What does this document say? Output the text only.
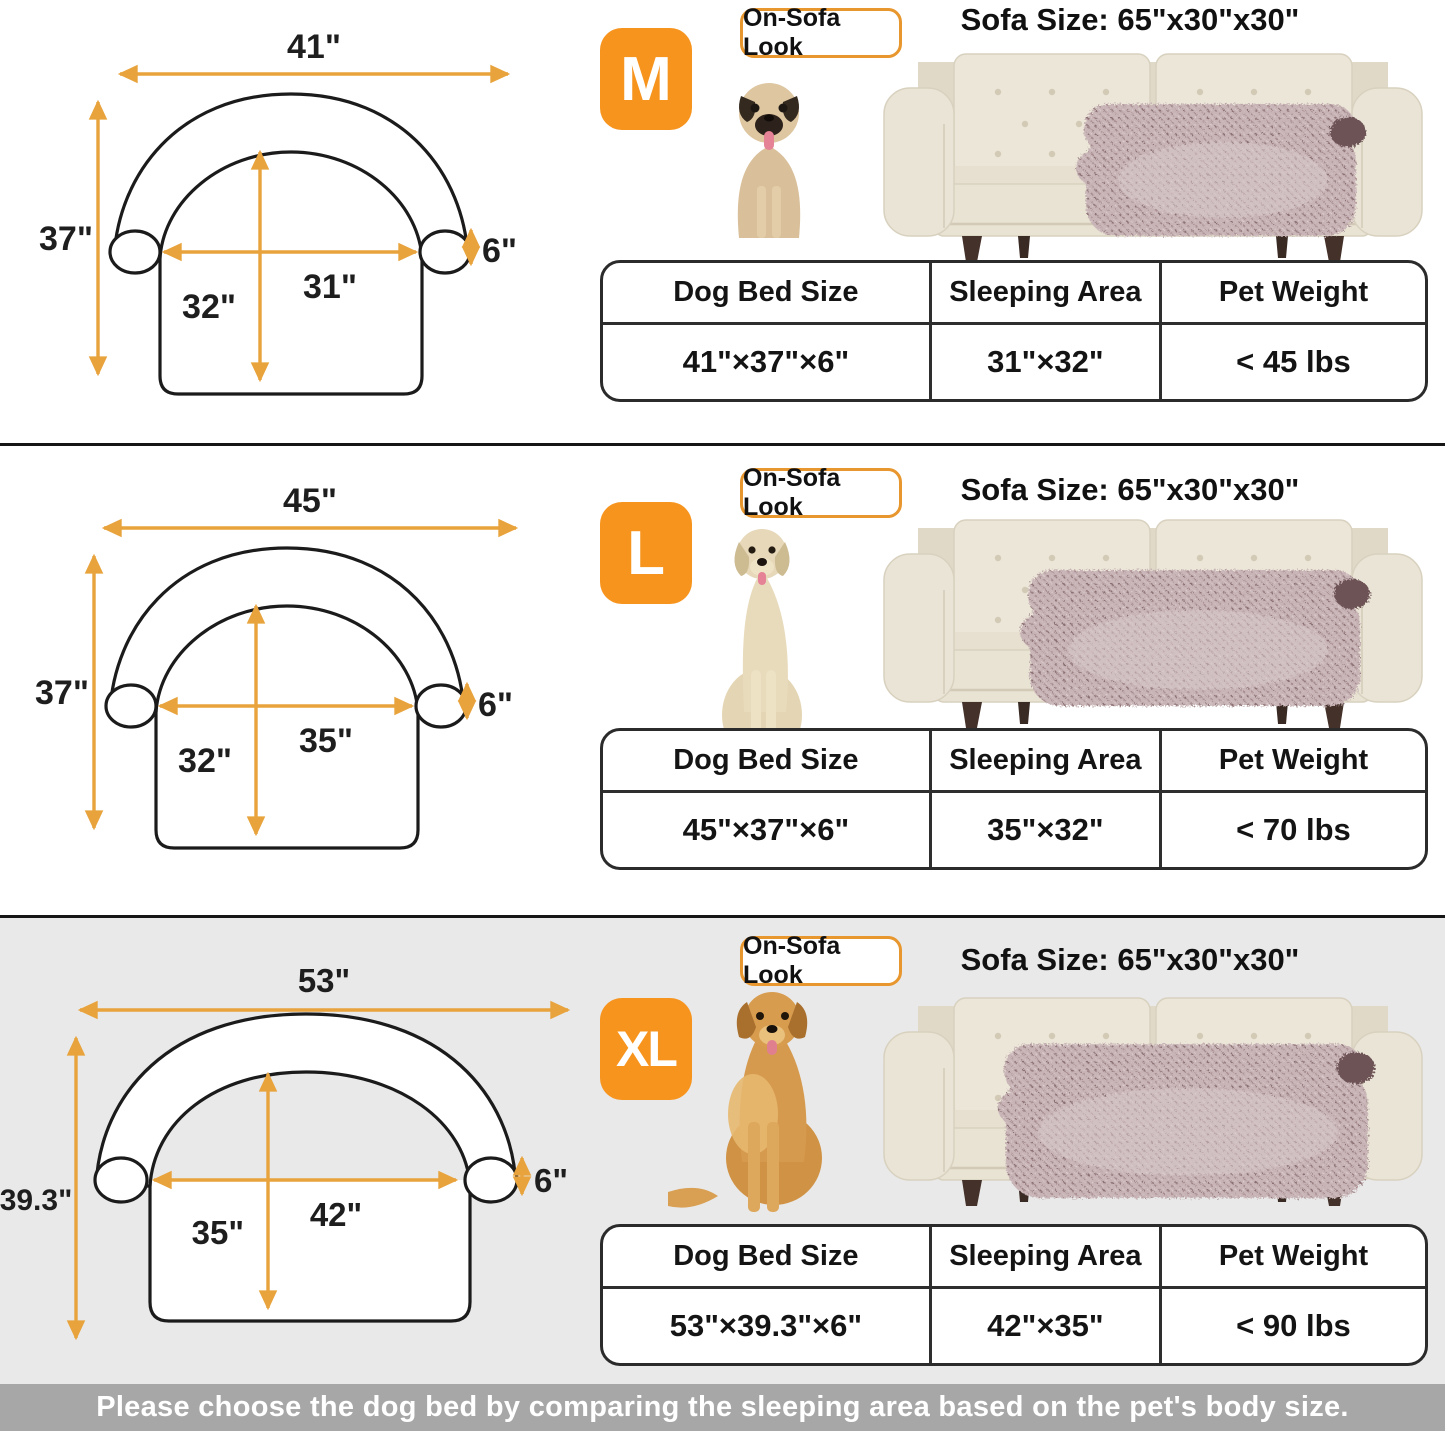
41"
37"
31"
32"
6"
M
On-Sofa Look
Sofa Size: 65"x30"x30"
Dog Bed Size	Sleeping Area	Pet Weight
41"×37"×6"	31"×32"	< 45 lbs
45"
37"
35"
32"
6"
L
On-Sofa Look	Sofa Size: 65"x30"x30"
Dog Bed Size	Sleeping Area	Pet Weight
45"×37"×6"	35"×32"	< 70 lbs
53"
39.3"	42"
35"
6"
XL
On-Sofa Look	Sofa Size: 65"x30"x30"
Dog Bed Size	Sleeping Area	Pet Weight
53"×39.3"×6"	42"×35"	< 90 lbs
Please choose the dog bed by comparing the sleeping area based on the pet's body size.
